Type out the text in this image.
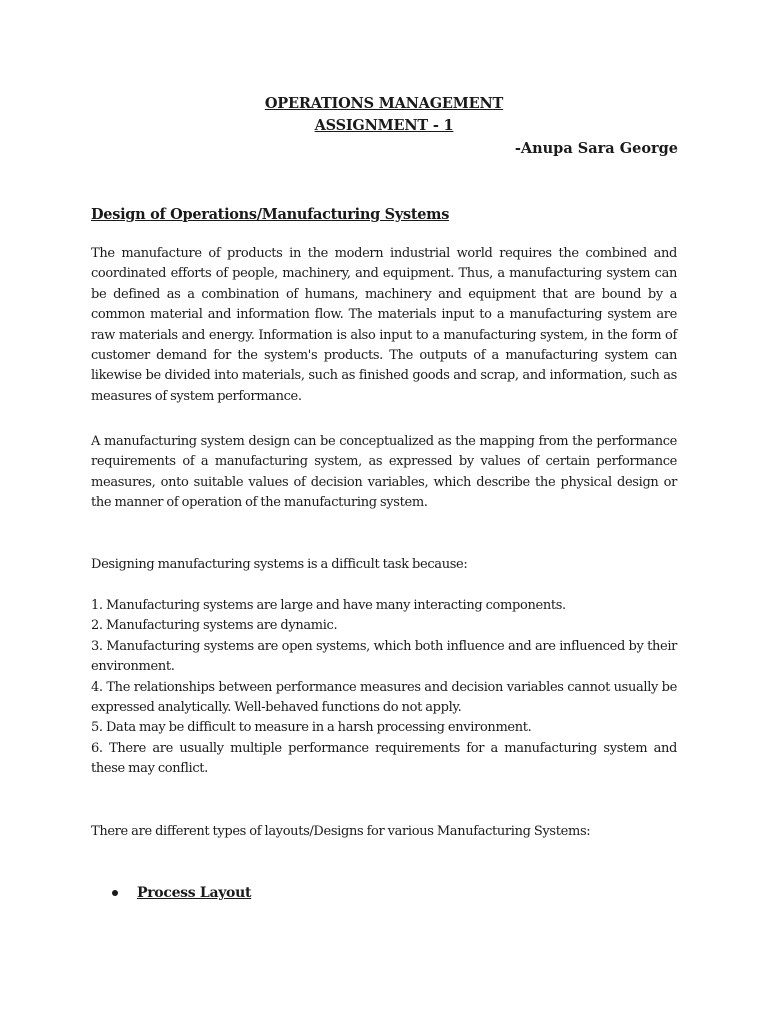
OPERATIONS MANAGEMENT
ASSIGNMENT - 1
-Anupa Sara George
Design of Operations/Manufacturing Systems
The manufacture of products in the modern industrial world requires the combined and coordinated efforts of people, machinery, and equipment. Thus, a manufacturing system can be defined as a combination of humans, machinery and equipment that are bound by a common material and information flow. The materials input to a manufacturing system are raw materials and energy. Information is also input to a manufacturing system, in the form of customer demand for the system's products. The outputs of a manufacturing system can likewise be divided into materials, such as finished goods and scrap, and information, such as measures of system performance.
A manufacturing system design can be conceptualized as the mapping from the performance requirements of a manufacturing system, as expressed by values of certain performance measures, onto suitable values of decision variables, which describe the physical design or the manner of operation of the manufacturing system.
Designing manufacturing systems is a difficult task because:
1. Manufacturing systems are large and have many interacting components.
2. Manufacturing systems are dynamic.
3. Manufacturing systems are open systems, which both influence and are influenced by their environment.
4. The relationships between performance measures and decision variables cannot usually be expressed analytically. Well-behaved functions do not apply.
5. Data may be difficult to measure in a harsh processing environment.
6. There are usually multiple performance requirements for a manufacturing system and these may conflict.
There are different types of layouts/Designs for various Manufacturing Systems:
Process Layout
